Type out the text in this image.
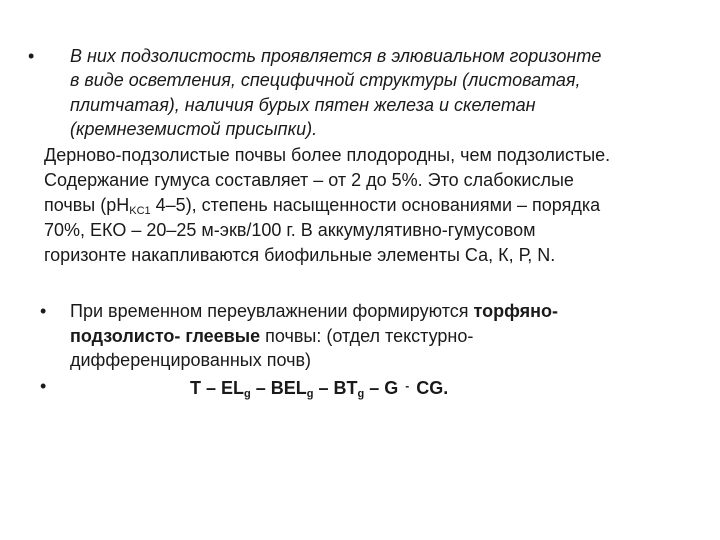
• В них подзолистость проявляется в элювиальном горизонте
в виде осветления, специфичной структуры (листоватая,
плитчатая), наличия бурых пятен железа и скелетан
(кремнеземистой присыпки).
Дерново-подзолистые почвы более плодородны, чем подзолистые.
Содержание гумуса составляет – от 2 до 5%. Это слабокислые
почвы ($pH_{KC1}$ 4–5), степень насыщенности основаниями – порядка
70%, ЕКО – 20–25 м-экв/100 г. В аккумулятивно-гумусовом
горизонте накапливаются биофильные элементы Са, К, Р, N.
• При временном переувлажнении формируются торфяно-
подзолисто- глеевые почвы: (отдел текстурно-
дифференцированных почв)
•	T – $EL_g - BEL_g - BT_g$ – G ‑ CG.
